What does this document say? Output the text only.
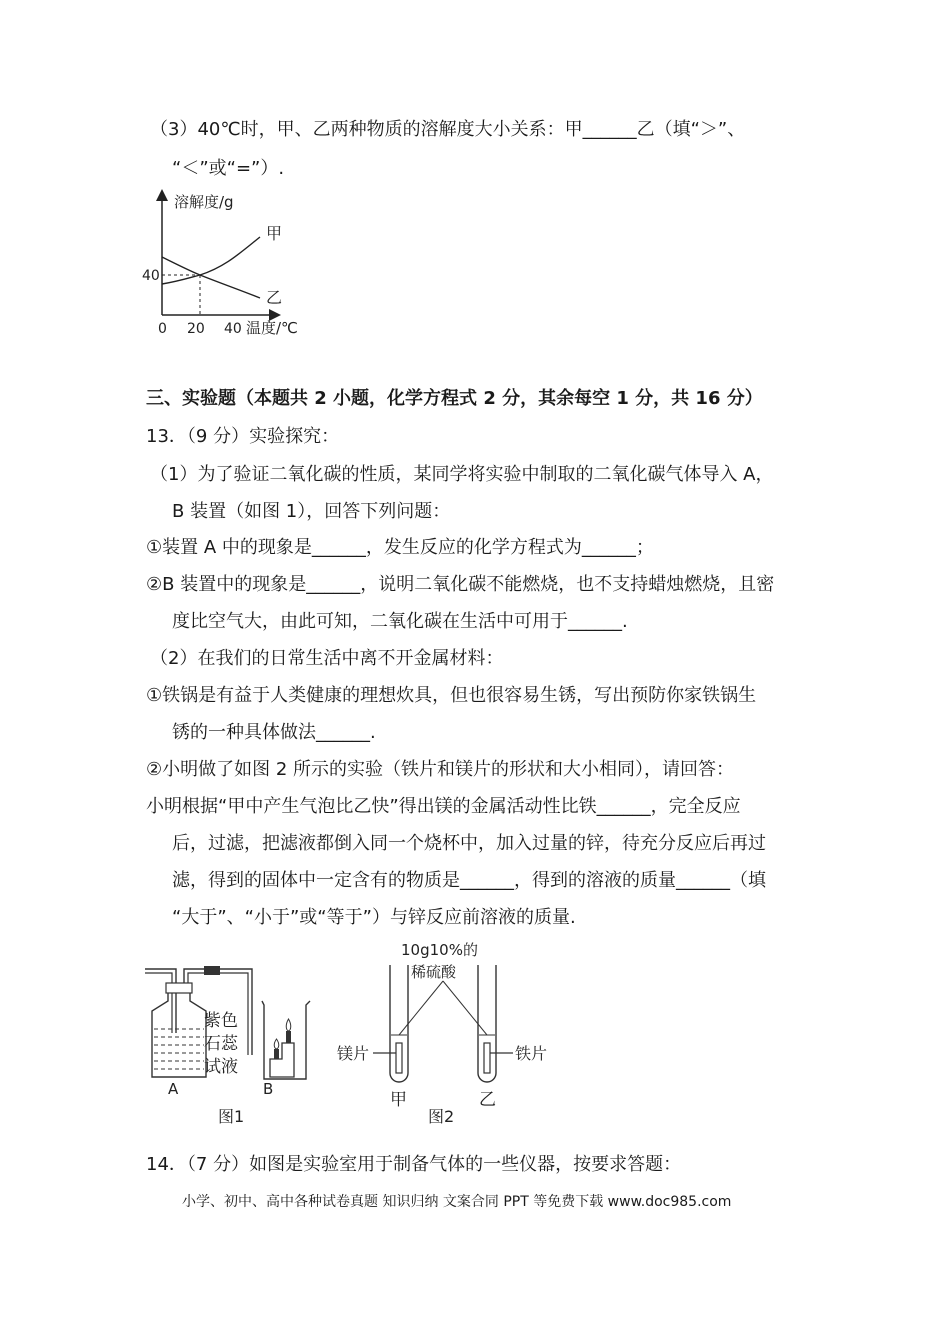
（3）40℃时，甲、乙两种物质的溶解度大小关系：甲______乙（填“＞”、
“＜”或“=”）.
溶解度/g
40
0 20 40 温度/℃
甲
乙
三、实验题（本题共 2 小题，化学方程式 2 分，其余每空 1 分，共 16 分）
13．（9 分）实验探究：
（1）为了验证二氧化碳的性质，某同学将实验中制取的二氧化碳气体导入 A，
B 装置（如图 1），回答下列问题：
①装置 A 中的现象是______，发生反应的化学方程式为______；
②B 装置中的现象是______，说明二氧化碳不能燃烧，也不支持蜡烛燃烧，且密
度比空气大，由此可知，二氧化碳在生活中可用于______.
（2）在我们的日常生活中离不开金属材料：
①铁锅是有益于人类健康的理想炊具，但也很容易生锈，写出预防你家铁锅生
锈的一种具体做法______.
②小明做了如图 2 所示的实验（铁片和镁片的形状和大小相同），请回答：
小明根据“甲中产生气泡比乙快”得出镁的金属活动性比铁______，完全反应
后，过滤，把滤液都倒入同一个烧杯中，加入过量的锌，待充分反应后再过
滤，得到的固体中一定含有的物质是______，得到的溶液的质量______（填
“大于”、“小于”或“等于”）与锌反应前溶液的质量.
紫色
石蕊
试液
A	B
图1
10g10%的
稀硫酸
镁片	铁片
甲	乙
图2
14．（7 分）如图是实验室用于制备气体的一些仪器，按要求答题：
小学、初中、高中各种试卷真题 知识归纳 文案合同 PPT 等免费下载 www.doc985.com
